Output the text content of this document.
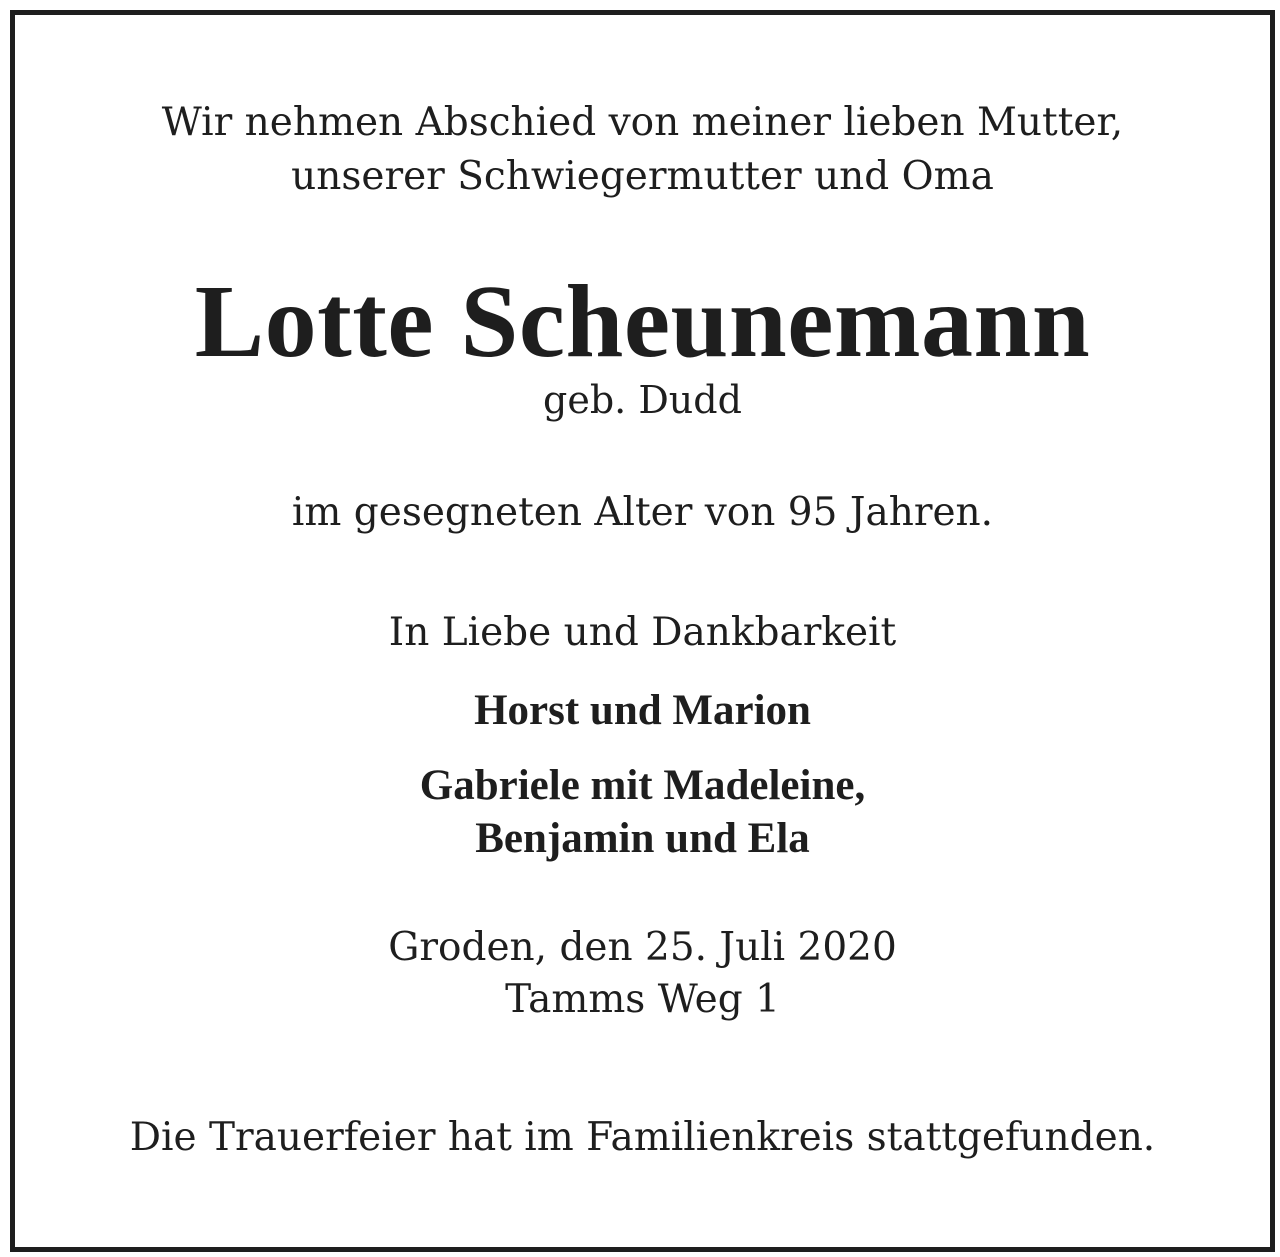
Wir nehmen Abschied von meiner lieben Mutter,
unserer Schwiegermutter und Oma
Lotte Scheunemann
geb. Dudd
im gesegneten Alter von 95 Jahren.
In Liebe und Dankbarkeit
Horst und Marion
Gabriele mit Madeleine,
Benjamin und Ela
Groden, den 25. Juli 2020
Tamms Weg 1
Die Trauerfeier hat im Familienkreis stattgefunden.
